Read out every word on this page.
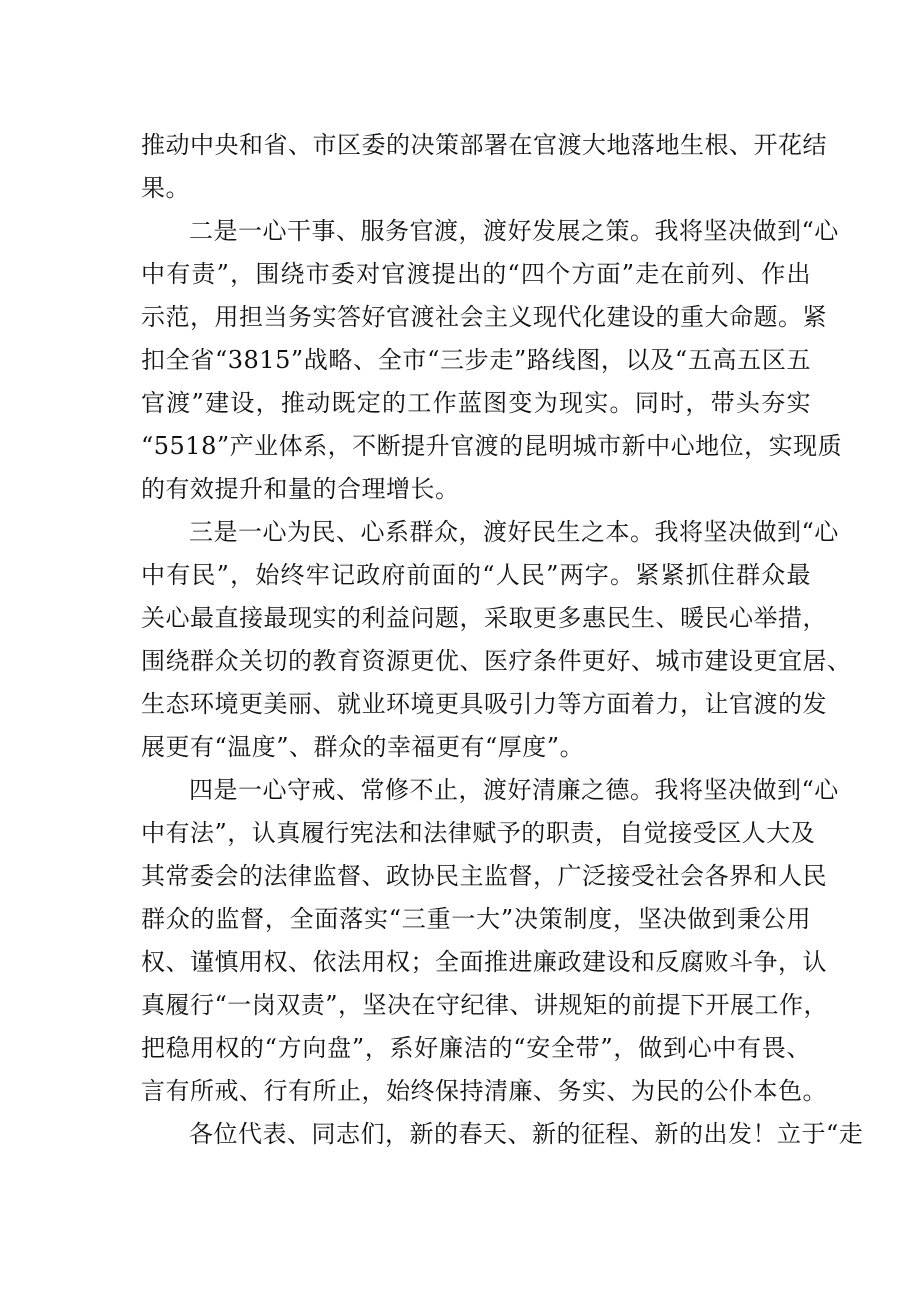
推动中央和省、市区委的决策部署在官渡大地落地生根、开花结
果。
二是一心干事、服务官渡，渡好发展之策。我将坚决做到“心
中有责”，围绕市委对官渡提出的“四个方面”走在前列、作出
示范，用担当务实答好官渡社会主义现代化建设的重大命题。紧
扣全省“3815”战略、全市“三步走”路线图，以及“五高五区五
官渡”建设，推动既定的工作蓝图变为现实。同时，带头夯实
“5518”产业体系，不断提升官渡的昆明城市新中心地位，实现质
的有效提升和量的合理增长。
三是一心为民、心系群众，渡好民生之本。我将坚决做到“心
中有民”，始终牢记政府前面的“人民”两字。紧紧抓住群众最
关心最直接最现实的利益问题，采取更多惠民生、暖民心举措，
围绕群众关切的教育资源更优、医疗条件更好、城市建设更宜居、
生态环境更美丽、就业环境更具吸引力等方面着力，让官渡的发
展更有“温度”、群众的幸福更有“厚度”。
四是一心守戒、常修不止，渡好清廉之德。我将坚决做到“心
中有法”，认真履行宪法和法律赋予的职责，自觉接受区人大及
其常委会的法律监督、政协民主监督，广泛接受社会各界和人民
群众的监督，全面落实“三重一大”决策制度，坚决做到秉公用
权、谨慎用权、依法用权；全面推进廉政建设和反腐败斗争，认
真履行“一岗双责”，坚决在守纪律、讲规矩的前提下开展工作，
把稳用权的“方向盘”，系好廉洁的“安全带”，做到心中有畏、
言有所戒、行有所止，始终保持清廉、务实、为民的公仆本色。
各位代表、同志们，新的春天、新的征程、新的出发！立于“走
